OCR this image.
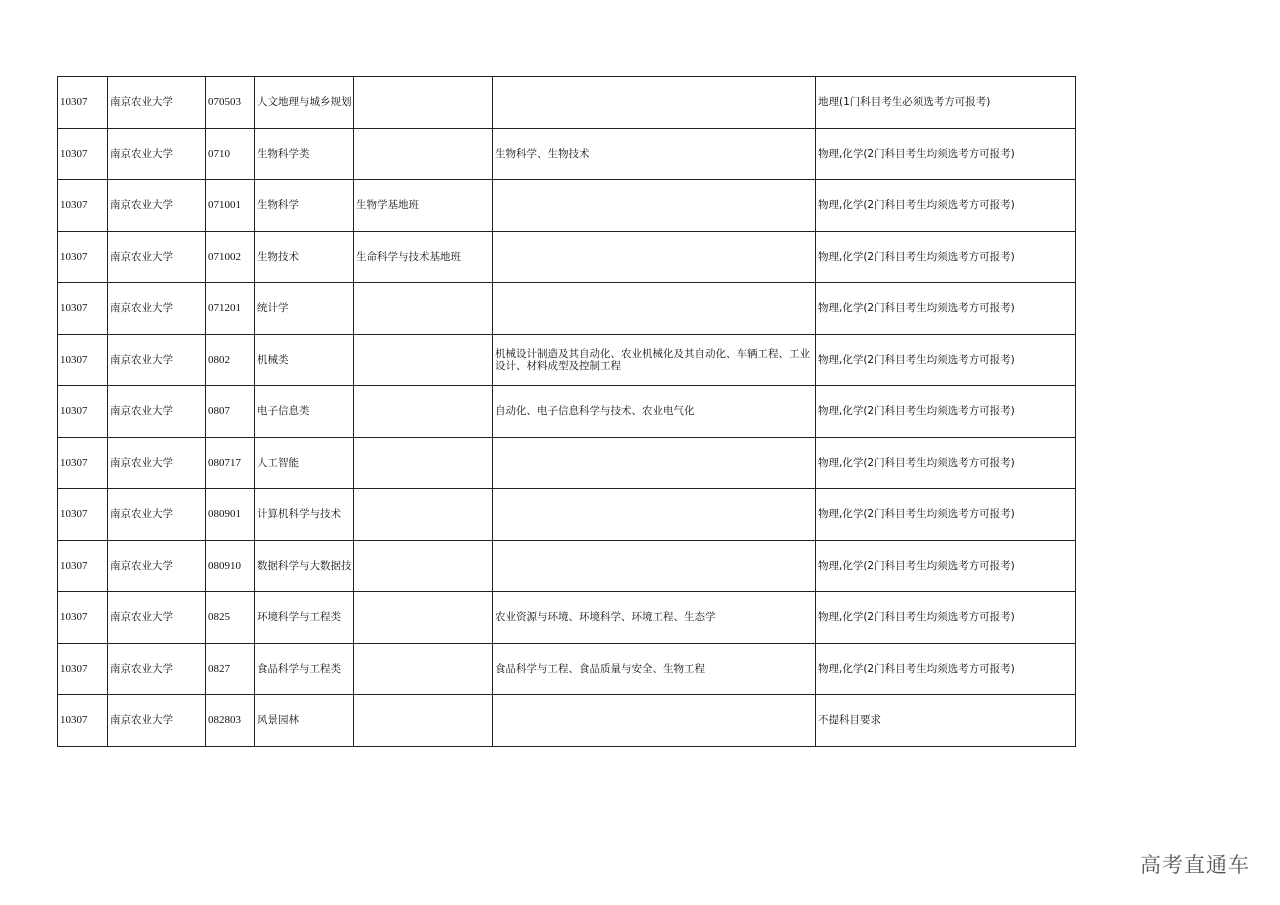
10307	南京农业大学	070503	人文地理与城乡规划			地理(1门科目考生必须选考方可报考)
10307	南京农业大学	0710	生物科学类		生物科学、生物技术	物理,化学(2门科目考生均须选考方可报考)
10307	南京农业大学	071001	生物科学	生物学基地班		物理,化学(2门科目考生均须选考方可报考)
10307	南京农业大学	071002	生物技术	生命科学与技术基地班		物理,化学(2门科目考生均须选考方可报考)
10307	南京农业大学	071201	统计学			物理,化学(2门科目考生均须选考方可报考)
10307	南京农业大学	0802	机械类		机械设计制造及其自动化、农业机械化及其自动化、车辆工程、工业设计、材料成型及控制工程	物理,化学(2门科目考生均须选考方可报考)
10307	南京农业大学	0807	电子信息类		自动化、电子信息科学与技术、农业电气化	物理,化学(2门科目考生均须选考方可报考)
10307	南京农业大学	080717	人工智能			物理,化学(2门科目考生均须选考方可报考)
10307	南京农业大学	080901	计算机科学与技术			物理,化学(2门科目考生均须选考方可报考)
10307	南京农业大学	080910	数据科学与大数据技			物理,化学(2门科目考生均须选考方可报考)
10307	南京农业大学	0825	环境科学与工程类		农业资源与环境、环境科学、环境工程、生态学	物理,化学(2门科目考生均须选考方可报考)
10307	南京农业大学	0827	食品科学与工程类		食品科学与工程、食品质量与安全、生物工程	物理,化学(2门科目考生均须选考方可报考)
10307	南京农业大学	082803	风景园林			不提科目要求
高考直通车
